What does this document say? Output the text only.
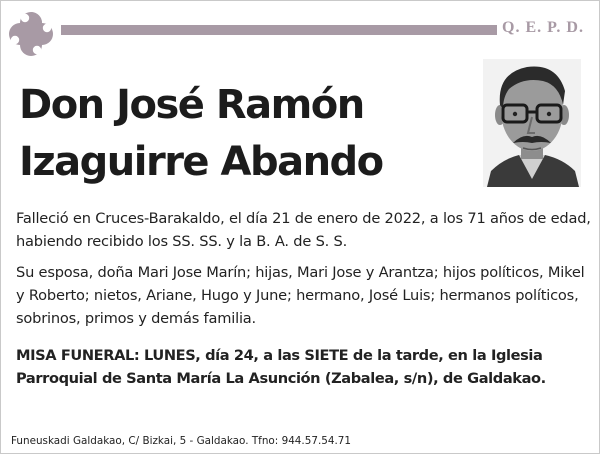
Q. E. P. D.
Don José Ramón
Izaguirre Abando
Falleció en Cruces-Barakaldo, el día 21 de enero de 2022, a los 71 años de edad, habiendo recibido los SS. SS. y la B. A. de S. S.
Su esposa, doña Mari Jose Marín; hijas, Mari Jose y Arantza; hijos políticos, Mikel y Roberto; nietos, Ariane, Hugo y June; hermano, José Luis; hermanos políticos, sobrinos, primos y demás familia.
MISA FUNERAL: LUNES, día 24, a las SIETE de la tarde, en la Iglesia Parroquial de Santa María La Asunción (Zabalea, s/n), de Galdakao.
Funeuskadi Galdakao, C/ Bizkai, 5 - Galdakao. Tfno: 944.57.54.71
